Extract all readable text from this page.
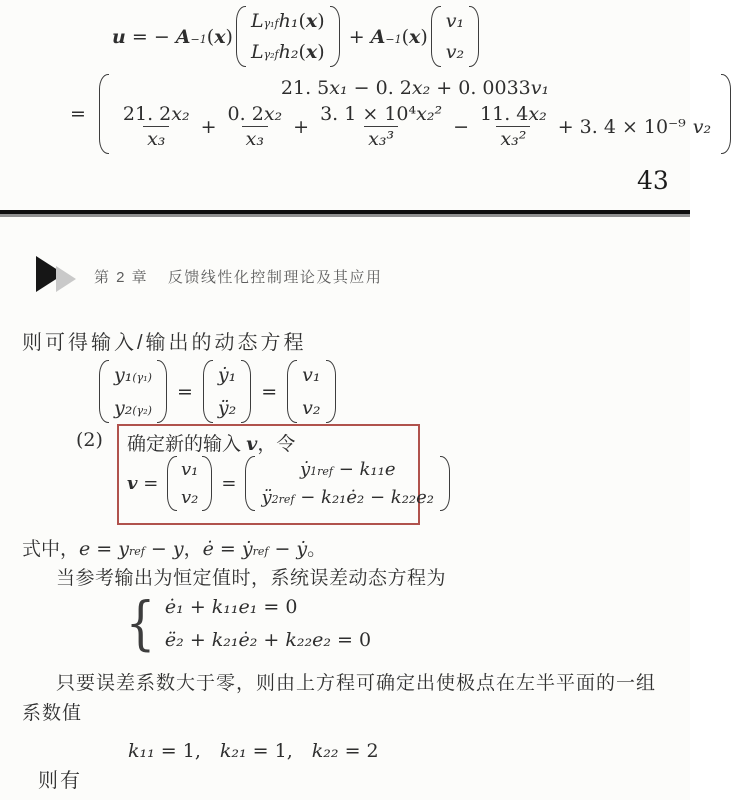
u = − A −1 ( x )
L γ₁ f h₁ ( x )
L γ₂ f h₂ ( x )
+ A −1 ( x )
v₁
v₂
=
21. 5 x₁ − 0. 2 x₂ + 0. 0033 v₁
$\frac{\text{21. 2 x₂}}{\text{x₃}} + \frac{\text{0. 2 x₂}}{\text{x₃}} + \frac{\text{3. 1 × 10⁴ x₂²}}{\text{x₃³}} - \frac{\text{11. 4 x₂}}{\text{x₃²}} + 3$. 4 × 10⁻⁹ v₂
43
第 2 章 反馈线性化控制理论及其应用
则可得输入/输出的动态方程
y₁ (γ₁)
y₂ (γ₂)
=
ẏ₁
ÿ₂
=
v₁
v₂
(2) 确定新的输入 v ，令
v =
v₁
v₂
=
ẏ 1ref − k₁₁e
ÿ 2ref − k₂₁ė₂ − k₂₂e₂
式中， e = y ref − y ， ė = ẏ ref − ẏ 。
当参考输出为恒定值时，系统误差动态方程为
{ ė₁ + k₁₁e₁ = 0
ë₂ + k₂₁ė₂ + k₂₂e₂ = 0
只要误差系数大于零，则由上方程可确定出使极点在左半平面的一组
系数值
k₁₁ = 1,　 k₂₁ = 1,　 k₂₂ = 2
则有
